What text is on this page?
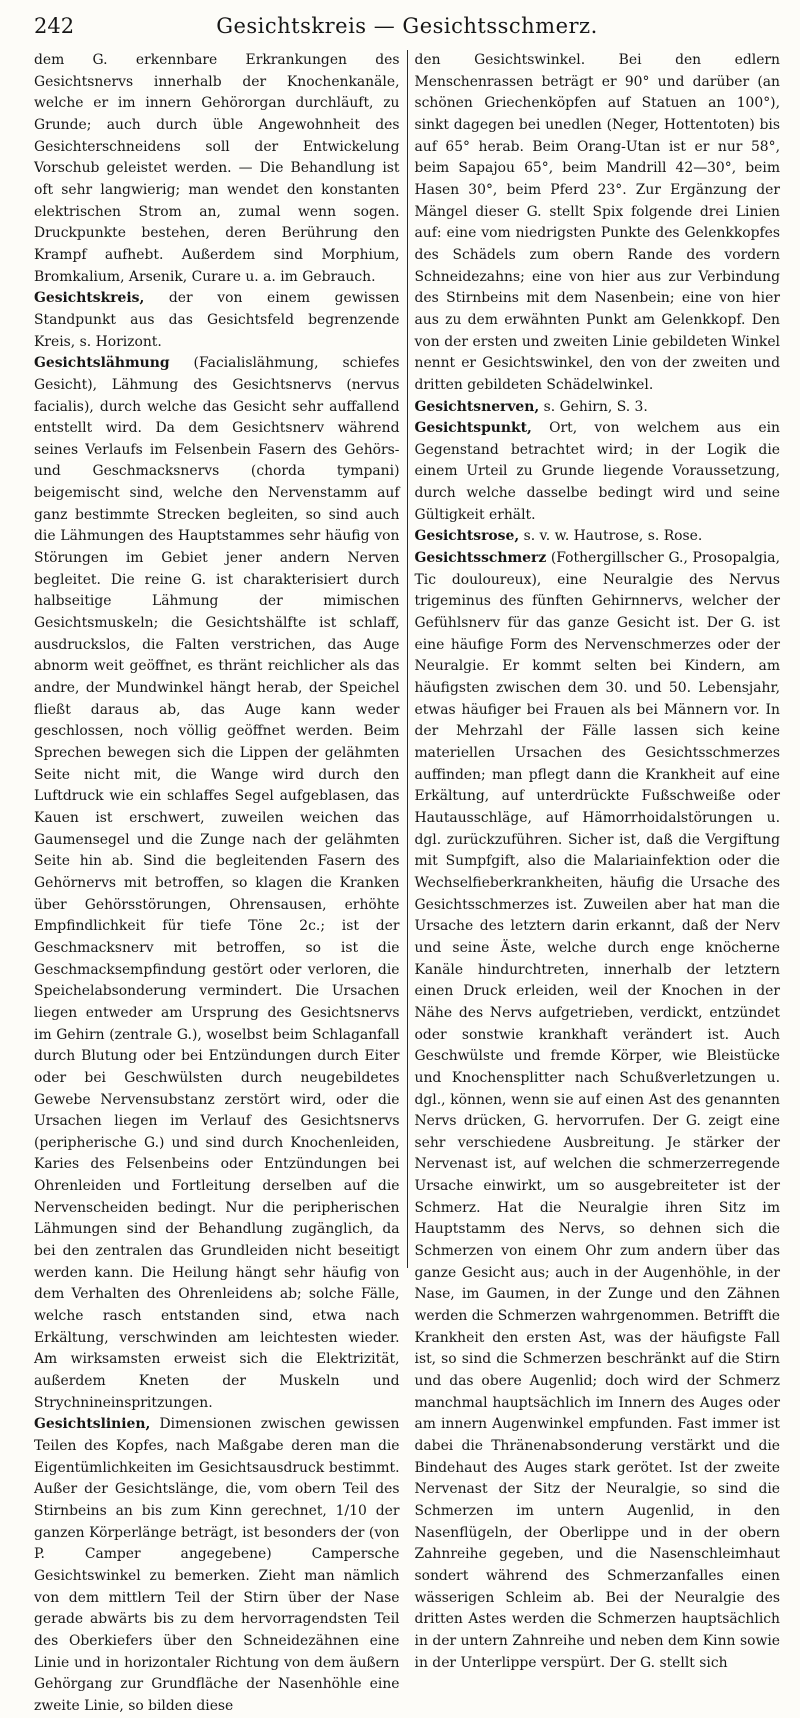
242	Gesichtskreis — Gesichtsschmerz.

dem G. erkennbare Erkrankungen des Gesichtsnervs innerhalb der Knochenkanäle, welche er im innern Gehörorgan durchläuft, zu Grunde; auch durch üble Angewohnheit des Gesichterschneidens soll der Entwickelung Vorschub geleistet werden. — Die Behandlung ist oft sehr langwierig; man wendet den konstanten elektrischen Strom an, zumal wenn sogen. Druckpunkte bestehen, deren Berührung den Krampf aufhebt. Außerdem sind Morphium, Bromkalium, Arsenik, Curare u. a. im Gebrauch.

Gesichtskreis, der von einem gewissen Standpunkt aus das Gesichtsfeld begrenzende Kreis, s. Horizont.

Gesichtslähmung (Facialislähmung, schiefes Gesicht), Lähmung des Gesichtsnervs (nervus facialis), durch welche das Gesicht sehr auffallend entstellt wird. Da dem Gesichtsnerv während seines Verlaufs im Felsenbein Fasern des Gehörs- und Geschmacksnervs (chorda tympani) beigemischt sind, welche den Nervenstamm auf ganz bestimmte Strecken begleiten, so sind auch die Lähmungen des Hauptstammes sehr häufig von Störungen im Gebiet jener andern Nerven begleitet. Die reine G. ist charakterisiert durch halbseitige Lähmung der mimischen Gesichtsmuskeln; die Gesichtshälfte ist schlaff, ausdruckslos, die Falten verstrichen, das Auge abnorm weit geöffnet, es thränt reichlicher als das andre, der Mundwinkel hängt herab, der Speichel fließt daraus ab, das Auge kann weder geschlossen, noch völlig geöffnet werden. Beim Sprechen bewegen sich die Lippen der gelähmten Seite nicht mit, die Wange wird durch den Luftdruck wie ein schlaffes Segel aufgeblasen, das Kauen ist erschwert, zuweilen weichen das Gaumensegel und die Zunge nach der gelähmten Seite hin ab. Sind die begleitenden Fasern des Gehörnervs mit betroffen, so klagen die Kranken über Gehörsstörungen, Ohrensausen, erhöhte Empfindlichkeit für tiefe Töne 2c.; ist der Geschmacksnerv mit betroffen, so ist die Geschmacksempfindung gestört oder verloren, die Speichelabsonderung vermindert. Die Ursachen liegen entweder am Ursprung des Gesichtsnervs im Gehirn (zentrale G.), woselbst beim Schlaganfall durch Blutung oder bei Entzündungen durch Eiter oder bei Geschwülsten durch neugebildetes Gewebe Nervensubstanz zerstört wird, oder die Ursachen liegen im Verlauf des Gesichtsnervs (peripherische G.) und sind durch Knochenleiden, Karies des Felsenbeins oder Entzündungen bei Ohrenleiden und Fortleitung derselben auf die Nervenscheiden bedingt. Nur die peripherischen Lähmungen sind der Behandlung zugänglich, da bei den zentralen das Grundleiden nicht beseitigt werden kann. Die Heilung hängt sehr häufig von dem Verhalten des Ohrenleidens ab; solche Fälle, welche rasch entstanden sind, etwa nach Erkältung, verschwinden am leichtesten wieder. Am wirksamsten erweist sich die Elektrizität, außerdem Kneten der Muskeln und Strychnineinspritzungen.

Gesichtslinien, Dimensionen zwischen gewissen Teilen des Kopfes, nach Maßgabe deren man die Eigentümlichkeiten im Gesichtsausdruck bestimmt. Außer der Gesichtslänge, die, vom obern Teil des Stirnbeins an bis zum Kinn gerechnet, 1/10 der ganzen Körperlänge beträgt, ist besonders der (von P. Camper angegebene) Campersche Gesichtswinkel zu bemerken. Zieht man nämlich von dem mittlern Teil der Stirn über der Nase gerade abwärts bis zu dem hervorragendsten Teil des Oberkiefers über den Schneidezähnen eine Linie und in horizontaler Richtung von dem äußern Gehörgang zur Grundfläche der Nasenhöhle eine zweite Linie, so bilden diese

den Gesichtswinkel. Bei den edlern Menschenrassen beträgt er 90° und darüber (an schönen Griechenköpfen auf Statuen an 100°), sinkt dagegen bei unedlen (Neger, Hottentoten) bis auf 65° herab. Beim Orang-Utan ist er nur 58°, beim Sapajou 65°, beim Mandrill 42—30°, beim Hasen 30°, beim Pferd 23°. Zur Ergänzung der Mängel dieser G. stellt Spix folgende drei Linien auf: eine vom niedrigsten Punkte des Gelenkkopfes des Schädels zum obern Rande des vordern Schneidezahns; eine von hier aus zur Verbindung des Stirnbeins mit dem Nasenbein; eine von hier aus zu dem erwähnten Punkt am Gelenkkopf. Den von der ersten und zweiten Linie gebildeten Winkel nennt er Gesichtswinkel, den von der zweiten und dritten gebildeten Schädelwinkel.

Gesichtsnerven, s. Gehirn, S. 3.

Gesichtspunkt, Ort, von welchem aus ein Gegenstand betrachtet wird; in der Logik die einem Urteil zu Grunde liegende Voraussetzung, durch welche dasselbe bedingt wird und seine Gültigkeit erhält.

Gesichtsrose, s. v. w. Hautrose, s. Rose.

Gesichtsschmerz (Fothergillscher G., Prosopalgia, Tic douloureux), eine Neuralgie des Nervus trigeminus des fünften Gehirnnervs, welcher der Gefühlsnerv für das ganze Gesicht ist. Der G. ist eine häufige Form des Nervenschmerzes oder der Neuralgie. Er kommt selten bei Kindern, am häufigsten zwischen dem 30. und 50. Lebensjahr, etwas häufiger bei Frauen als bei Männern vor. In der Mehrzahl der Fälle lassen sich keine materiellen Ursachen des Gesichtsschmerzes auffinden; man pflegt dann die Krankheit auf eine Erkältung, auf unterdrückte Fußschweiße oder Hautausschläge, auf Hämorrhoidalstörungen u. dgl. zurückzuführen. Sicher ist, daß die Vergiftung mit Sumpfgift, also die Malariainfektion oder die Wechselfieberkrankheiten, häufig die Ursache des Gesichtsschmerzes ist. Zuweilen aber hat man die Ursache des letztern darin erkannt, daß der Nerv und seine Äste, welche durch enge knöcherne Kanäle hindurchtreten, innerhalb der letztern einen Druck erleiden, weil der Knochen in der Nähe des Nervs aufgetrieben, verdickt, entzündet oder sonstwie krankhaft verändert ist. Auch Geschwülste und fremde Körper, wie Bleistücke und Knochensplitter nach Schußverletzungen u. dgl., können, wenn sie auf einen Ast des genannten Nervs drücken, G. hervorrufen. Der G. zeigt eine sehr verschiedene Ausbreitung. Je stärker der Nervenast ist, auf welchen die schmerzerregende Ursache einwirkt, um so ausgebreiteter ist der Schmerz. Hat die Neuralgie ihren Sitz im Hauptstamm des Nervs, so dehnen sich die Schmerzen von einem Ohr zum andern über das ganze Gesicht aus; auch in der Augenhöhle, in der Nase, im Gaumen, in der Zunge und den Zähnen werden die Schmerzen wahrgenommen. Betrifft die Krankheit den ersten Ast, was der häufigste Fall ist, so sind die Schmerzen beschränkt auf die Stirn und das obere Augenlid; doch wird der Schmerz manchmal hauptsächlich im Innern des Auges oder am innern Augenwinkel empfunden. Fast immer ist dabei die Thränenabsonderung verstärkt und die Bindehaut des Auges stark gerötet. Ist der zweite Nervenast der Sitz der Neuralgie, so sind die Schmerzen im untern Augenlid, in den Nasenflügeln, der Oberlippe und in der obern Zahnreihe gegeben, und die Nasenschleimhaut sondert während des Schmerzanfalles einen wässerigen Schleim ab. Bei der Neuralgie des dritten Astes werden die Schmerzen hauptsächlich in der untern Zahnreihe und neben dem Kinn sowie in der Unterlippe verspürt. Der G. stellt sich
